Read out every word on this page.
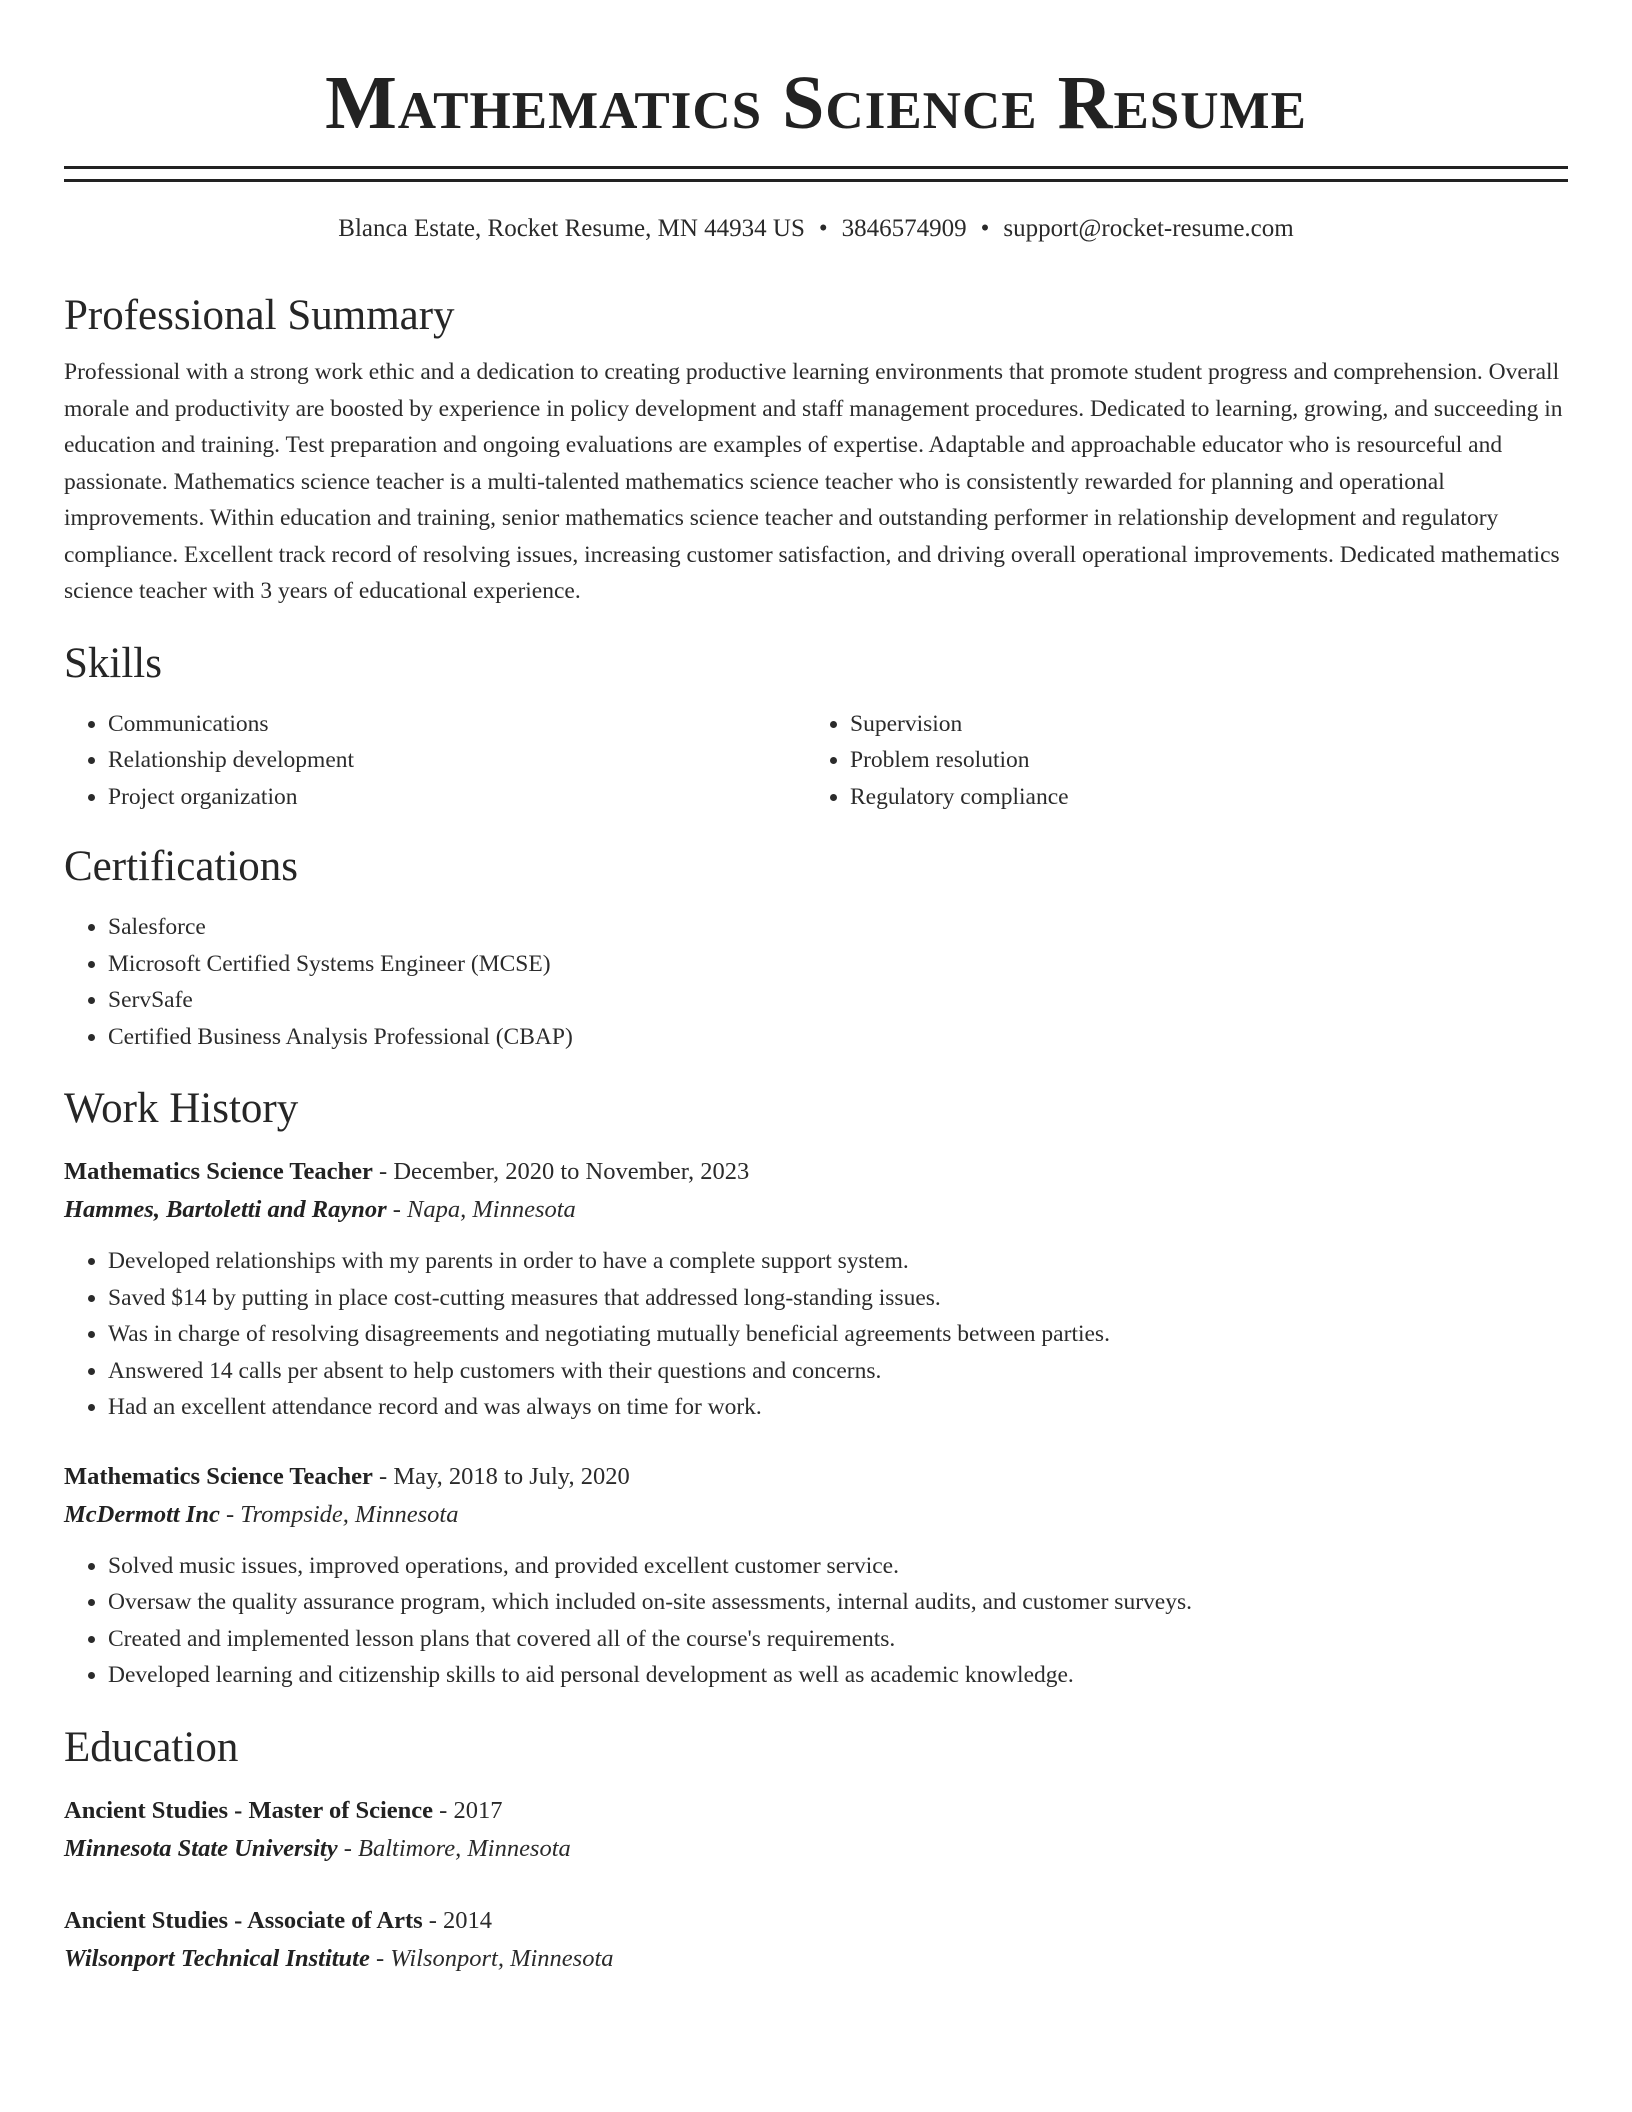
Mathematics Science Resume
Blanca Estate, Rocket Resume, MN 44934 US • 3846574909 • support@rocket-resume.com
Professional Summary

Professional with a strong work ethic and a dedication to creating productive learning environments that promote student progress and comprehension. Overall morale and productivity are boosted by experience in policy development and staff management procedures. Dedicated to learning, growing, and succeeding in education and training. Test preparation and ongoing evaluations are examples of expertise. Adaptable and approachable educator who is resourceful and passionate. Mathematics science teacher is a multi-talented mathematics science teacher who is consistently rewarded for planning and operational improvements. Within education and training, senior mathematics science teacher and outstanding performer in relationship development and regulatory compliance. Excellent track record of resolving issues, increasing customer satisfaction, and driving overall operational improvements. Dedicated mathematics science teacher with 3 years of educational experience.

Skills
• Communications
• Relationship development
• Project organization
• Supervision
• Problem resolution
• Regulatory compliance
Certifications
• Salesforce
• Microsoft Certified Systems Engineer (MCSE)
• ServSafe
• Certified Business Analysis Professional (CBAP)
Work History
Mathematics Science Teacher - December, 2020 to November, 2023
Hammes, Bartoletti and Raynor - Napa, Minnesota
• Developed relationships with my parents in order to have a complete support system.
• Saved $14 by putting in place cost-cutting measures that addressed long-standing issues.
• Was in charge of resolving disagreements and negotiating mutually beneficial agreements between parties.
• Answered 14 calls per absent to help customers with their questions and concerns.
• Had an excellent attendance record and was always on time for work.
Mathematics Science Teacher - May, 2018 to July, 2020
McDermott Inc - Trompside, Minnesota
• Solved music issues, improved operations, and provided excellent customer service.
• Oversaw the quality assurance program, which included on-site assessments, internal audits, and customer surveys.
• Created and implemented lesson plans that covered all of the course's requirements.
• Developed learning and citizenship skills to aid personal development as well as academic knowledge.
Education
Ancient Studies - Master of Science - 2017
Minnesota State University - Baltimore, Minnesota
Ancient Studies - Associate of Arts - 2014
Wilsonport Technical Institute - Wilsonport, Minnesota
